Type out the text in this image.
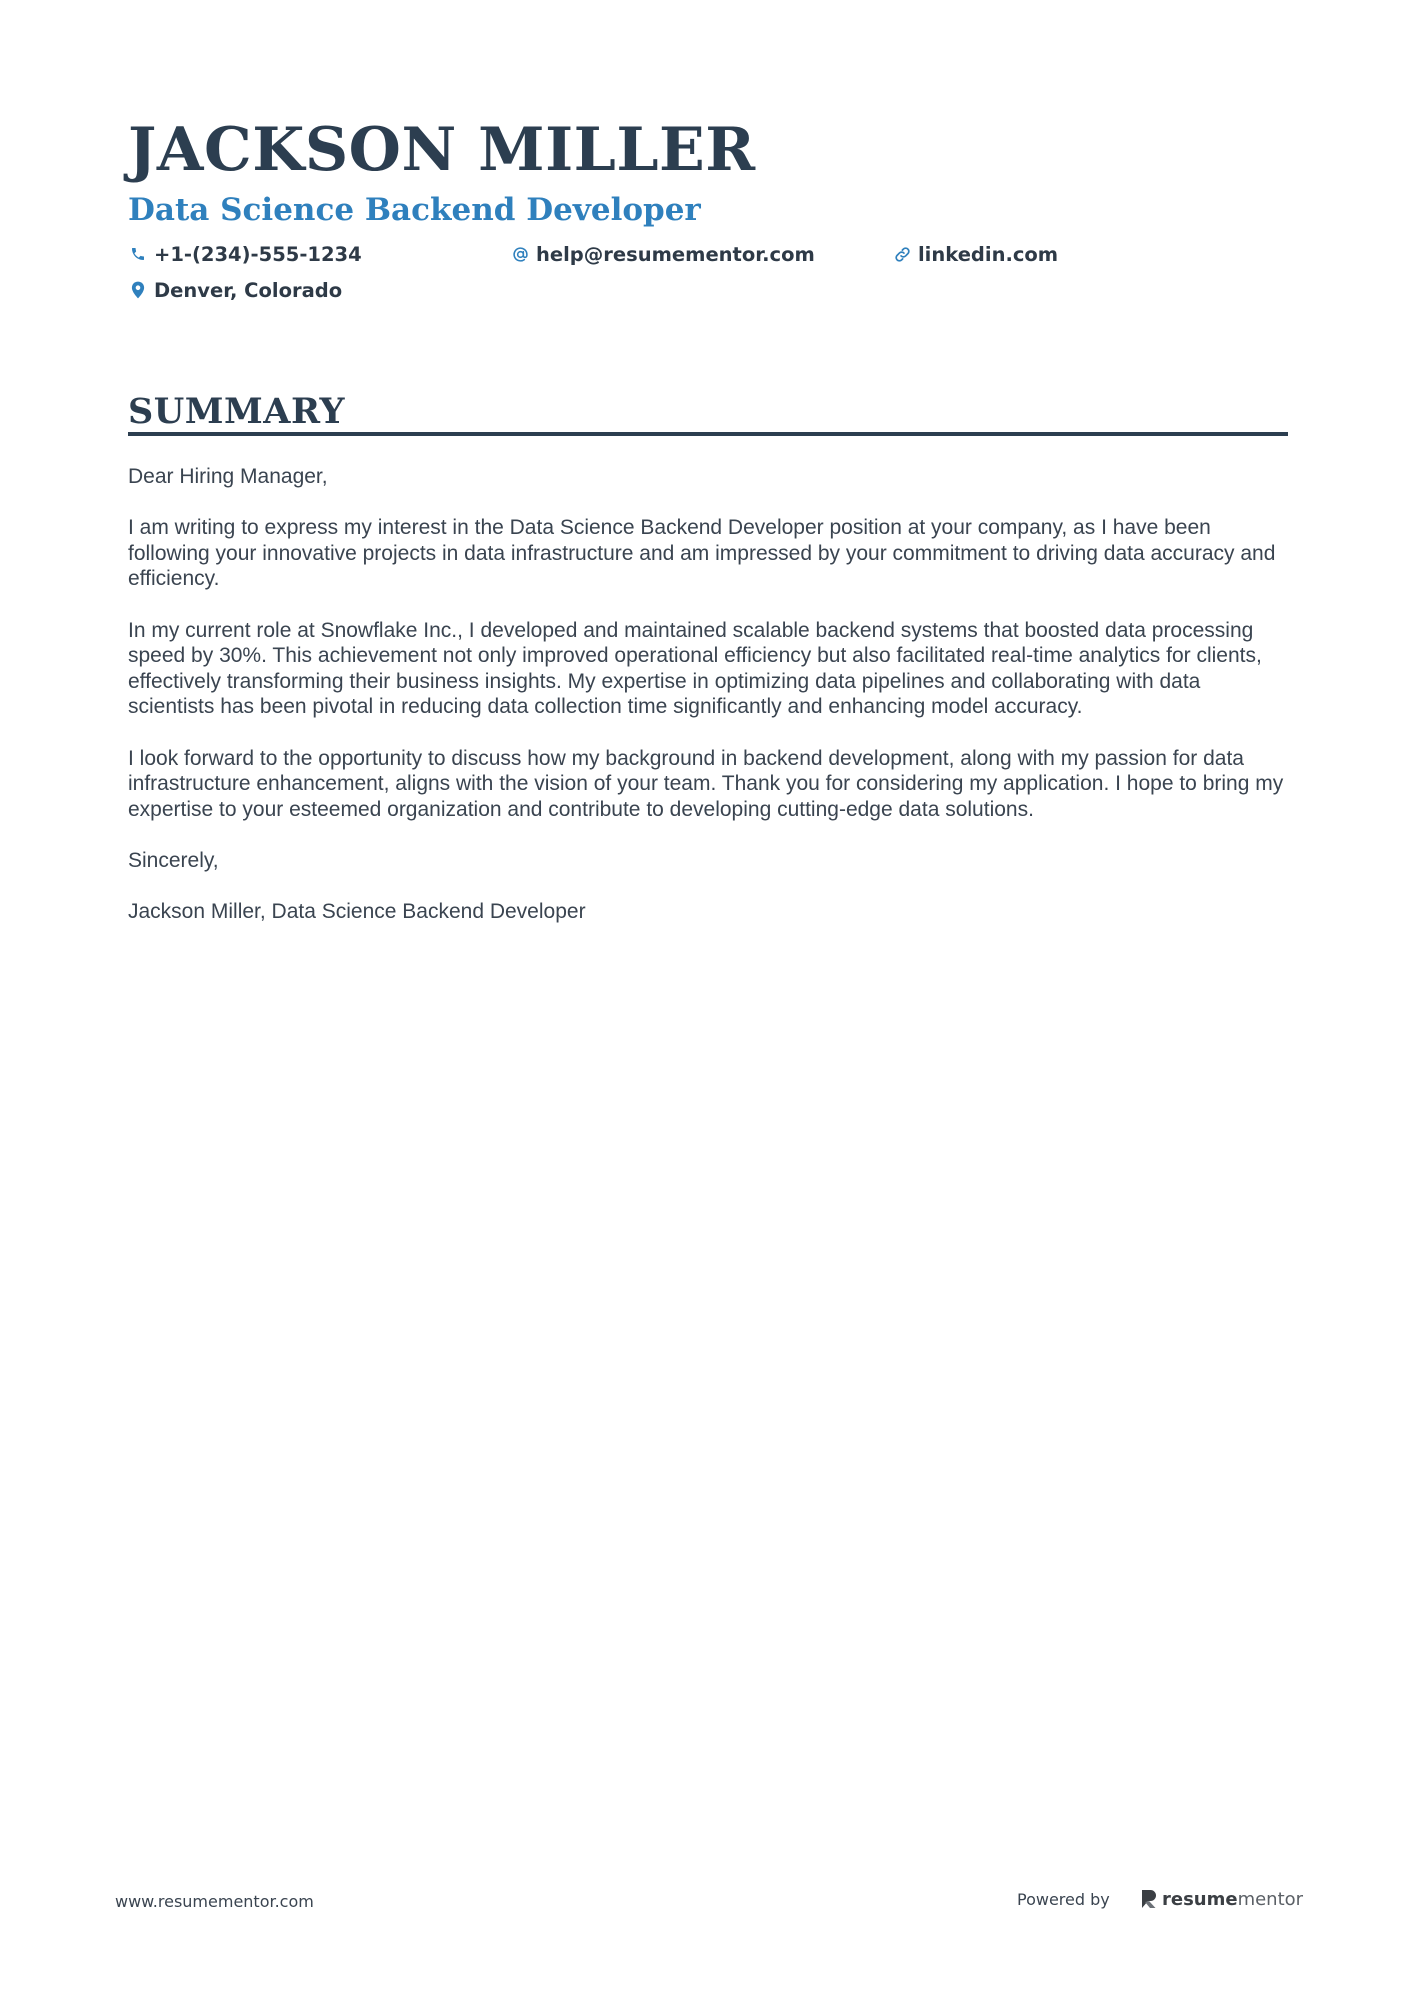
JACKSON MILLER
Data Science Backend Developer
+1-(234)-555-1234	help@resumementor.com	linkedin.com
Denver, Colorado
SUMMARY

Dear Hiring Manager,

I am writing to express my interest in the Data Science Backend Developer position at your company, as I have been following your innovative projects in data infrastructure and am impressed by your commitment to driving data accuracy and efficiency.

In my current role at Snowflake Inc., I developed and maintained scalable backend systems that boosted data processing speed by 30%. This achievement not only improved operational efficiency but also facilitated real-time analytics for clients, effectively transforming their business insights. My expertise in optimizing data pipelines and collaborating with data scientists has been pivotal in reducing data collection time significantly and enhancing model accuracy.

I look forward to the opportunity to discuss how my background in backend development, along with my passion for data infrastructure enhancement, aligns with the vision of your team. Thank you for considering my application. I hope to bring my expertise to your esteemed organization and contribute to developing cutting-edge data solutions.

Sincerely,

Jackson Miller, Data Science Backend Developer

www.resumementor.com	Powered by	resume mentor
